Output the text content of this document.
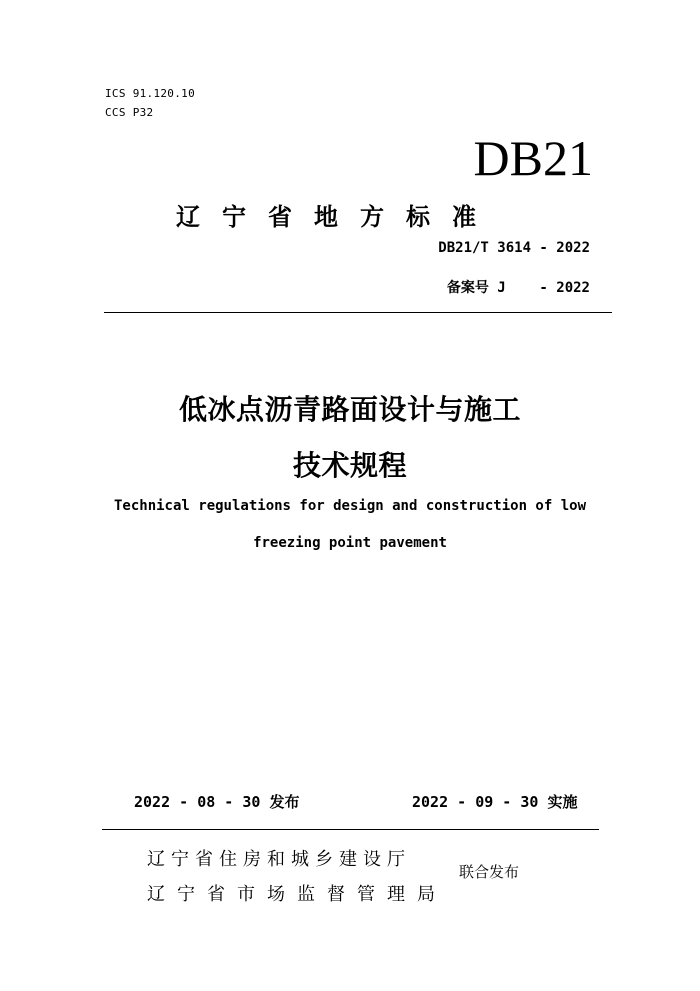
ICS 91.120.10
CCS P32
DB21
辽宁省地方标准
DB21/T 3614 - 2022
备案号 J    - 2022
低冰点沥青路面设计与施工
技术规程
Technical regulations for design and construction of low
freezing point pavement
2022 - 08 - 30 发布	2022 - 09 - 30 实施
辽宁省住房和城乡建设厅
辽宁省市场监督管理局
联合发布
